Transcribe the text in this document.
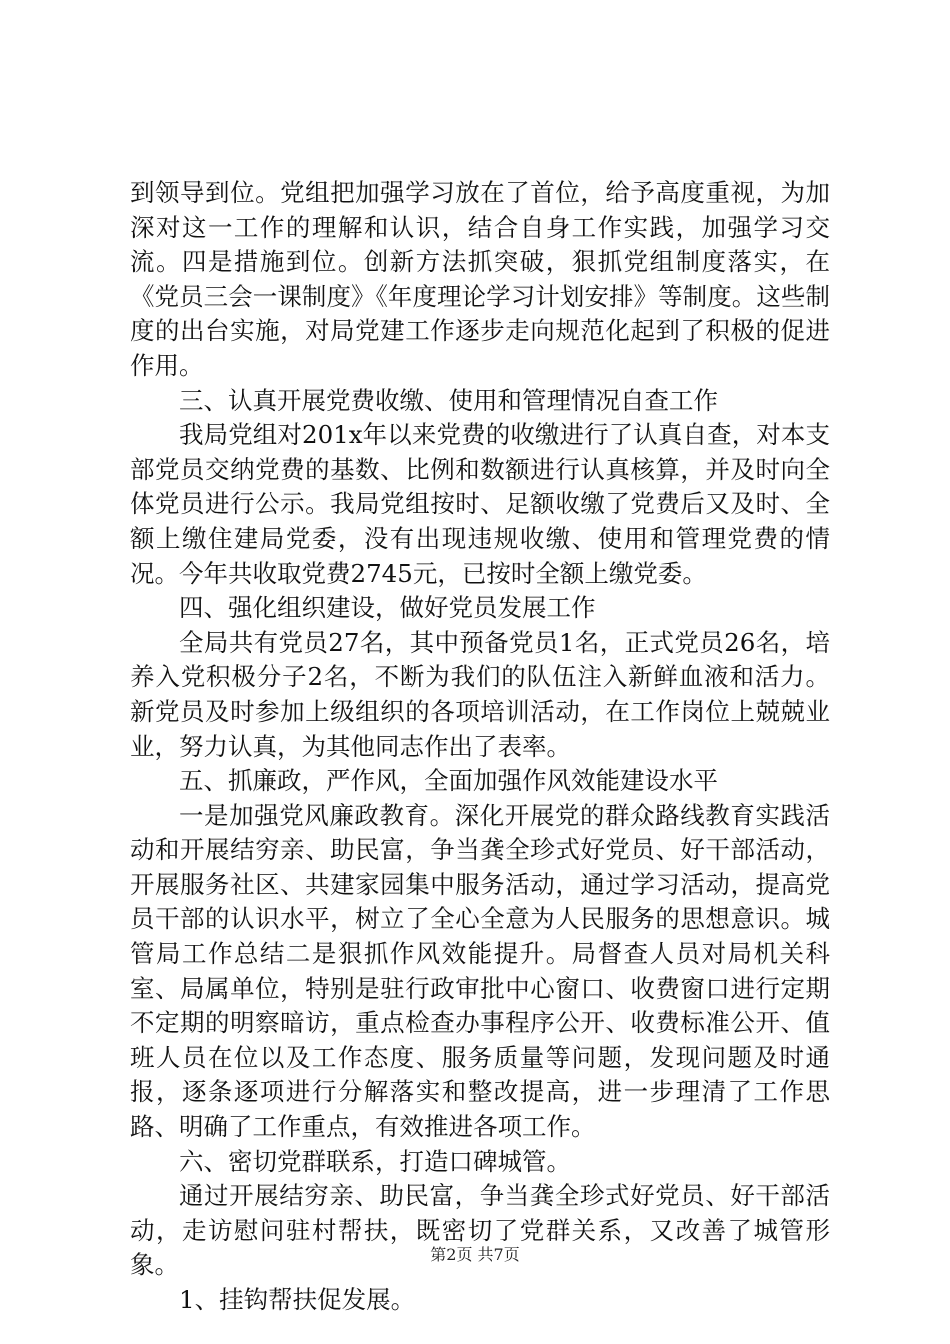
到领导到位。党组把加强学习放在了首位，给予高度重视，为加深对这一工作的理解和认识，结合自身工作实践，加强学习交流。四是措施到位。创新方法抓突破，狠抓党组制度落实，在《党员三会一课制度》《年度理论学习计划安排》等制度。这些制度的出台实施，对局党建工作逐步走向规范化起到了积极的促进作用。

三、认真开展党费收缴、使用和管理情况自查工作

我局党组对201x年以来党费的收缴进行了认真自查，对本支部党员交纳党费的基数、比例和数额进行认真核算，并及时向全体党员进行公示。我局党组按时、足额收缴了党费后又及时、全额上缴住建局党委，没有出现违规收缴、使用和管理党费的情况。今年共收取党费2745元，已按时全额上缴党委。

四、强化组织建设，做好党员发展工作

全局共有党员27名，其中预备党员1名，正式党员26名，培养入党积极分子2名，不断为我们的队伍注入新鲜血液和活力。新党员及时参加上级组织的各项培训活动，在工作岗位上兢兢业业，努力认真，为其他同志作出了表率。

五、抓廉政，严作风，全面加强作风效能建设水平

一是加强党风廉政教育。深化开展党的群众路线教育实践活动和开展结穷亲、助民富，争当龚全珍式好党员、好干部活动，开展服务社区、共建家园集中服务活动，通过学习活动，提高党员干部的认识水平，树立了全心全意为人民服务的思想意识。城管局工作总结二是狠抓作风效能提升。局督查人员对局机关科室、局属单位，特别是驻行政审批中心窗口、收费窗口进行定期不定期的明察暗访，重点检查办事程序公开、收费标准公开、值班人员在位以及工作态度、服务质量等问题，发现问题及时通报，逐条逐项进行分解落实和整改提高，进一步理清了工作思路、明确了工作重点，有效推进各项工作。

六、密切党群联系，打造口碑城管。

通过开展结穷亲、助民富，争当龚全珍式好党员、好干部活动，走访慰问驻村帮扶，既密切了党群关系，又改善了城管形象。

1、挂钩帮扶促发展。

第2页 共7页
